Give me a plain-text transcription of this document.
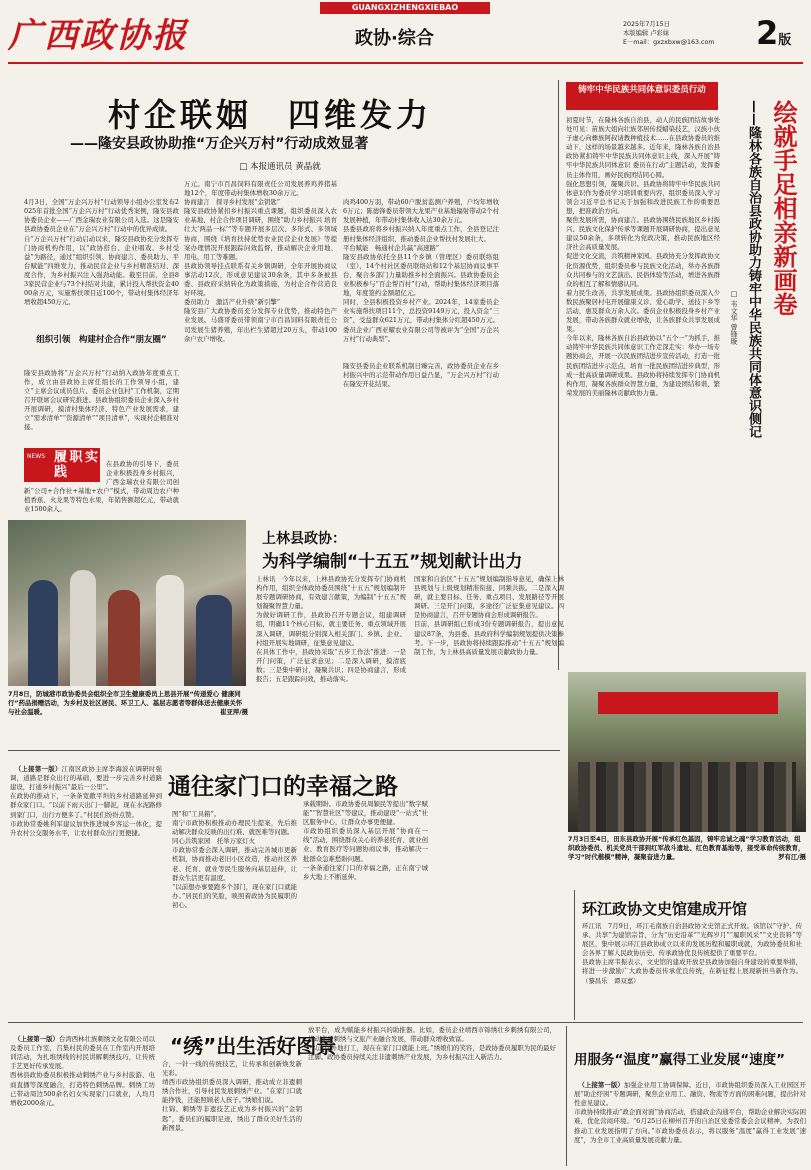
GUANGXIZHENGXIEBAO
广西政协报	政协·综合
2025年7月15日
本版编辑 卢彩妹
E－mail：gxzxbxw@163.com	2版
村企联姻　四维发力
——隆安县政协助推“万企兴万村”行动成效显著
□ 本报通讯员 黄晶就

4月3日，全国“万企兴万村”行动领导小组办公室发布2025年首批全国“万企兴万村”行动优秀案例，隆安县政协委员企业——广西金瑞农业有限公司入选。这是隆安县政协委员企业在“万企兴万村”行动中的优异成绩。
自“万企兴万村”行动启动以来，隆安县政协充分发挥专门协商机构作用，以“政协搭台、企业唱戏、乡村受益”为路径，通过“组织引领、协商建言、委员助力、平台赋能”四维发力，推动民营企业与乡村精准结对、深度合作，为乡村振兴注入强劲动能。截至目前，全县83家民营企业与73个村结对共建，累计投入帮扶资金4000余万元，实施帮扶项目近100个，带动村集体经济年增收超450万元。

组织引领　构建村企合作“朋友圈”

隆安县政协将“万企兴万村”行动纳入政协年度重点工作，成立由县政协主席任组长的工作领导小组，建立“主席会议成员包片、委员企业包村”工作机制，定期召开联席会议研究推进。县政协组织委员企业深入乡村开展调研，摸清村集体经济、特色产业发展需求，建立“需求清单”“资源清单”“项目清单”，实现村企精准对接。

NEWS

履职实践

在县政协的引导下，委员企业积极投身乡村振兴，广西金瑞农业有限公司创新“公司+合作社+基地+农户”模式，带动周边农户种植香蕉、火龙果等特色水果，年销售额超亿元，带动就业1500余人。

万元。南宁市百昌饲料有限责任公司发展养鸡养猪基地12个，年度带动村集体增收30余万元。
协商建言　探寻乡村发展“金钥匙”
隆安县政协紧扣乡村振兴重点课题，组织委员深入农业基地、村企合作项目调研，围绕“助力乡村振兴 培育壮大‘两品一标’”等专题开展多层次、多形式、多领域协商，围绕《培育扶持优势农业民营企业发展》等提案办理情况开展跟踪问效监督，推动解决企业用地、用电、用工等难题。
县政协领导挂点联系有关乡镇调研，全年开展协商议事活动12次，形成意见建议30余条，其中多条被县委、县政府采纳转化为政策措施，为村企合作营造良好环境。
委员助力　激活产业升级“新引擎”
隆安县广大政协委员充分发挥专业优势，推动特色产业发展。马盛哥委员带领南宁市百昌饲料有限责任公司发展生猪养殖，年出栏生猪超过20万头，带动100余户农户增收。

肉鸡400万羽，带动60户脱贫监测户养殖，户均年增收6万元；陈德锋委员带领大龙果产业基地辐射带动2个村发展种植，年带动村集体收入达30余万元。
县委县政府将乡村振兴纳入年度重点工作，全县登记注册村集体经济组织，推动委员企业帮扶村发展壮大。
平台赋能　畅通村企共赢“高速路”
隆安县政协依托全县11个乡镇（管理区）委员联络组（室），14个村社区委员联络站和12个基层协商议事平台，聚合多部门力量助推乡村全面振兴。县政协委员企业积极参与“百企帮百村”行动，帮助村集体经济项目落地，年度签约金额超亿元。
同时，全县积极投资乡村产业。2024年，14家委员企业实施帮扶项目11个，总投资9149万元，投入资金“三资”，受益群众621万元，带动村集体分红超450万元。委员企业广西亚耀农业有限公司等被评为“全国“万企兴万村”行动典型”。

隆安县委员企业联系机制日臻完善，政协委员企业在乡村振兴中的示范带动作用日益凸显，“万企兴万村”行动在隆安开花结果。

铸牢中华民族共同体意识委员行动
初夏时节，在隆林各族自治县，动人的民族团结故事处处可见：苗族大姐向壮族邻居传授蜡染技艺，汉族小伙子虚心向彝族阿叔请教种植技术……在县政协委员的推动下，这样的场景越来越多。近年来，隆林各族自治县政协紧扣铸牢中华民族共同体意识主线，深入开展“铸牢中华民族共同体意识 委员在行动”主题活动，发挥委员主体作用，画好民族团结同心圆。
强化思想引领，凝聚共识。县政协将铸牢中华民族共同体意识作为委员学习培训重要内容，组织委员深入学习领会习近平总书记关于加强和改进民族工作的重要思想，把准政治方向。
聚焦发展所需，协商建言。县政协围绕民族地区乡村振兴、民族文化保护传承等课题开展调研协商，提出意见建议50余条，多项转化为党政决策，推动民族地区经济社会高质量发展。
促进文化交流，共筑精神家园。县政协充分发挥政协文化资源优势，组织委员参与民族文化活动，举办各族群众共同参与的文艺演出、民俗体验等活动，增进各族群众的相互了解和情感认同。
着力民生改善，共享发展成果。县政协组织委员深入少数民族聚居村屯开展健康义诊、爱心助学、送技下乡等活动，惠及群众万余人次。委员企业积极投身乡村产业发展，带动各族群众就业增收，让各族群众共享发展成果。
今年以来，隆林各族自治县政协以“五个一”为抓手，推动铸牢中华民族共同体意识工作走深走实：举办一场专题协商会，开展一次民族团结进步宣传活动，打造一批民族团结进步示范点，培育一批民族团结进步典型，形成一批高质量调研成果。县政协将持续发挥专门协商机构作用，凝聚各族群众智慧力量，为建设团结和谐、繁荣发展的美丽隆林贡献政协力量。
绘就手足相亲新画卷
——隆林各族自治县政协助力铸牢中华民族共同体意识侧记
□ 韦文华 曾锋璇
7月8日，防城港市政协委员会组织全市卫生健康委员上思县开展“传递爱心 健康同行”药品捐赠活动，为乡村及社区居民、环卫工人、基层志愿者等群体送去健康关怀与社会温暖。	崔亚萍/摄
上林县政协：
为科学编制“十五五”规划献计出力
上林讯　今年以来，上林县政协充分发挥专门协商机构作用，组织全体政协委员围绕“十五五”规划编制开展专题调研协商，有效建言献策，为编制“十五五”规划凝聚智慧力量。
为做好调研工作，县政协召开专题会议，组建调研组，明确11个核心目标，就主要任务、重点领域开展深入调研，调研组分别深入相关部门、乡镇、企业、村组开展实地调研，征集意见建议。
在具体工作中，县政协采取“五步工作法”推进：一是开门问策，广泛征求意见；二是深入调研，摸清底数；三是集中研讨，凝聚共识；四是协商建言，形成报告；五是跟踪问效，推动落实。
国家和自治区“十五五”规划编制指导意见，确保上林县规划与上级规划精准衔接、同频共振。二是深入调研，就主要目标、任务、重点项目、发展路径等开展调研。三是开门问策，多途径广泛征集意见建议。四是协商建言，召开专题协商会形成调研报告。
目前，县调研组已形成3份专题调研报告，提出意见建议87条，为县委、县政府科学编制规划提供决策参考。下一步，县政协将持续跟踪推动“十五五”规划编制工作，为上林县高质量发展贡献政协力量。
7月3日至4日，田东县政协开展“传承红色基因，铸牢忠诚之魂”学习教育活动，组织政协委员、机关党员干部到红军战斗遗址、红色教育基地等，接受革命传统教育，学习“时代楷模”精神，凝聚奋进力量。	罗有江/摄

（上接第一版）江南区政协主席李海波在调研时强调，道路是群众出行的基础，要进一步完善乡村道路建设，打通乡村振兴“最后一公里”。
在政协的推动下，一条条宽敞平坦的乡村道路延伸到群众家门口。“以前下雨天出门一脚泥，现在水泥路修到家门口，出行方便多了。”村民们纷纷点赞。
市政协常委姚利军建议加快推进城乡客运一体化，提升农村公交服务水平，让农村群众出行更便捷。

通往家门口的幸福之路
图”和“工具箱”。
南宁市政协积极推动办理民生提案，先后推动解决群众反映的出行难、就医难等问题。
同心共筑家园　托举万家灯火
市政协常委会深入调研，推动完善城市更新机制，协商推动老旧小区改造，推动社区养老、托育、就业等民生服务向基层延伸，让群众生活更有温度。
“以前想办事要跑多个部门，现在家门口就能办。”居民们的笑脸，映照着政协为民履职的初心。
承载期盼。市政协委员周颖民等提出“数字赋能”“智慧社区”等建议，推动建设“一站式”社区服务中心，让群众办事更便捷。
市政协组织委员深入基层开展“协商在一线”活动，围绕群众关心的养老托育、就业创业、教育医疗等问题协商议事，推动解决一批群众急难愁盼问题。
一条条通往家门口的幸福之路，正在南宁城乡大地上不断延伸。
环江政协文史馆建成开馆
环江讯　7月9日，环江毛南族自治县政协文史馆正式开放。该馆以“守护、传承、共享”为建馆宗旨，分为“历史沿革”“光辉岁月”“履职风采”“文史资料”等展区，集中展示环江县政协成立以来的发展历程和履职成就，为政协委员和社会各界了解人民政协历史、传承政协优良传统提供了重要平台。
县政协主席韦振表示，文史馆的建成开放是县政协加强自身建设的重要举措，将进一步激励广大政协委员传承优良传统，在新征程上展现新担当新作为。（黎昌乐　谭双嘉）

（上接第一版）台湾西林壮族刺绣文化有限公司以及委员工作室，召集村民的委员在工作室内开展培训活动，为扎堆绣线的村民讲解刺绣技巧，让传统手艺更好传承发展。
西林县政协委员积极推动刺绣产业与乡村旅游、电商直播等深度融合，打造特色刺绣品牌。刺绣工坊已带动周边500余名妇女实现家门口就业，人均月增收2000余元。

“绣”出生活好图景
合，一针一线的传统技艺，让传承和创新焕发新光彩。
靖西市政协组织委员深入调研，推动成立非遗刺绣合作社，引导村民发展刺绣产业。“在家门口就能挣钱，还能照顾老人孩子。”绣娘们说。
壮锦、刺绣等非遗技艺正成为乡村振兴的“金钥匙”，委员们的履职足迹，绣出了群众美好生活的新图景。
放平台，成为赋能乡村振兴的助推器。比如，委员企业靖西市锦绣壮乡刺绣有限公司，推动非遗刺绣与文旅产业融合发展，带动群众增收致富。
“以前在外地打工，现在在家门口就能上班。”绣娘们的笑容，是政协委员履职为民的最好注脚。政协委员持续关注非遗刺绣产业发展，为乡村振兴注入新活力。	用服务“温度”赢得工业发展“速度”

（上接第一版）加强企业用工协调保障。近日，市政协组织委员深入工业园区开展“助企纾困”专题调研，聚焦企业用工、融资、物流等方面的困难问题，提出针对性意见建议。
市政协持续推动“政企面对面”协商活动，搭建政企沟通平台，帮助企业解决实际困难，优化营商环境。“6月25日在柳州召开的自治区党委常委会会议精神，为我们推动工业发展指明了方向。”市政协委员表示，将以服务“温度”赢得工业发展“速度”，为全市工业高质量发展贡献力量。
